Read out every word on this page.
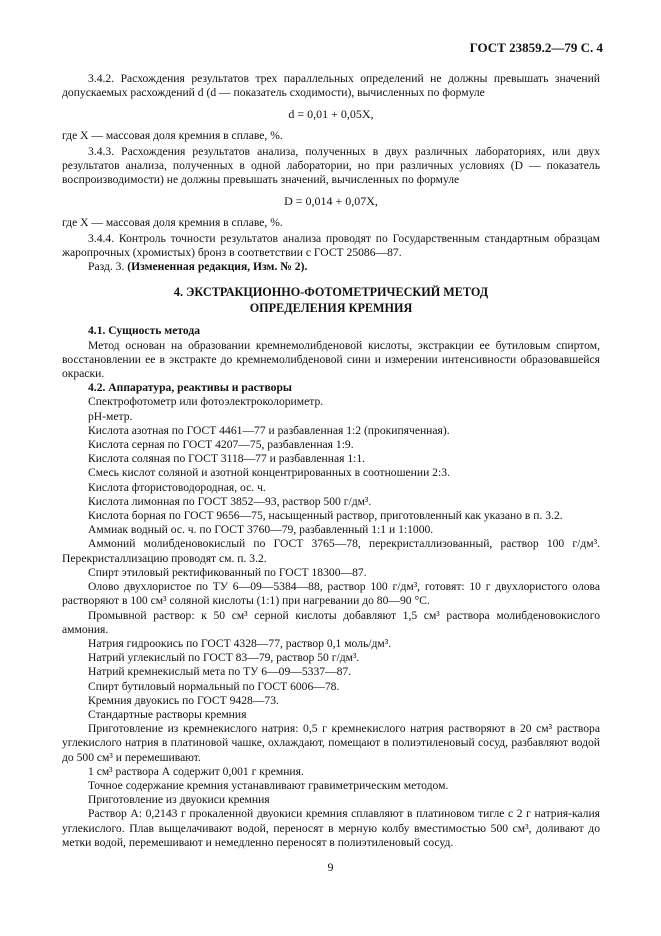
ГОСТ 23859.2—79 С. 4

3.4.2. Расхождения результатов трех параллельных определений не должны превышать значений допускаемых расхождений d (d — показатель сходимости), вычисленных по формуле

d = 0,01 + 0,05X,

где X — массовая доля кремния в сплаве, %.

3.4.3. Расхождения результатов анализа, полученных в двух различных лабораториях, или двух результатов анализа, полученных в одной лаборатории, но при различных условиях (D — показатель воспроизводимости) не должны превышать значений, вычисленных по формуле

D = 0,014 + 0,07X,

где X — массовая доля кремния в сплаве, %.

3.4.4. Контроль точности результатов анализа проводят по Государственным стандартным образцам жаропрочных (хромистых) бронз в соответствии с ГОСТ 25086—87.

Разд. 3. (Измененная редакция, Изм. № 2).

4. ЭКСТРАКЦИОННО-ФОТОМЕТРИЧЕСКИЙ МЕТОД
ОПРЕДЕЛЕНИЯ КРЕМНИЯ

4.1. Сущность метода

Метод основан на образовании кремнемолибденовой кислоты, экстракции ее бутиловым спиртом, восстановлении ее в экстракте до кремнемолибденовой сини и измерении интенсивности образовавшейся окраски.

4.2. Аппаратура, реактивы и растворы

Спектрофотометр или фотоэлектроколориметр.

pH-метр.

Кислота азотная по ГОСТ 4461—77 и разбавленная 1:2 (прокипяченная).

Кислота серная по ГОСТ 4207—75, разбавленная 1:9.

Кислота соляная по ГОСТ 3118—77 и разбавленная 1:1.

Смесь кислот соляной и азотной концентрированных в соотношении 2:3.

Кислота фтористоводородная, ос. ч.

Кислота лимонная по ГОСТ 3852—93, раствор 500 г/дм³.

Кислота борная по ГОСТ 9656—75, насыщенный раствор, приготовленный как указано в п. 3.2.

Аммиак водный ос. ч. по ГОСТ 3760—79, разбавленный 1:1 и 1:1000.

Аммоний молибденовокислый по ГОСТ 3765—78, перекристаллизованный, раствор 100 г/дм³. Перекристаллизацию проводят см. п. 3.2.

Спирт этиловый ректификованный по ГОСТ 18300—87.

Олово двухлористое по ТУ 6—09—5384—88, раствор 100 г/дм³, готовят: 10 г двухлористого олова растворяют в 100 см³ соляной кислоты (1:1) при нагревании до 80—90 °С.

Промывной раствор: к 50 см³ серной кислоты добавляют 1,5 см³ раствора молибденовокислого аммония.

Натрия гидроокись по ГОСТ 4328—77, раствор 0,1 моль/дм³.

Натрий углекислый по ГОСТ 83—79, раствор 50 г/дм³.

Натрий кремнекислый мета по ТУ 6—09—5337—87.

Спирт бутиловый нормальный по ГОСТ 6006—78.

Кремния двуокись по ГОСТ 9428—73.

Стандартные растворы кремния

Приготовление из кремнекислого натрия: 0,5 г кремнекислого натрия растворяют в 20 см³ раствора углекислого натрия в платиновой чашке, охлаждают, помещают в полиэтиленовый сосуд, разбавляют водой до 500 см³ и перемешивают.

1 см³ раствора А содержит 0,001 г кремния.

Точное содержание кремния устанавливают гравиметрическим методом.

Приготовление из двуокиси кремния

Раствор А: 0,2143 г прокаленной двуокиси кремния сплавляют в платиновом тигле с 2 г натрия-калия углекислого. Плав выщелачивают водой, переносят в мерную колбу вместимостью 500 см³, доливают до метки водой, перемешивают и немедленно переносят в полиэтиленовый сосуд.

9
